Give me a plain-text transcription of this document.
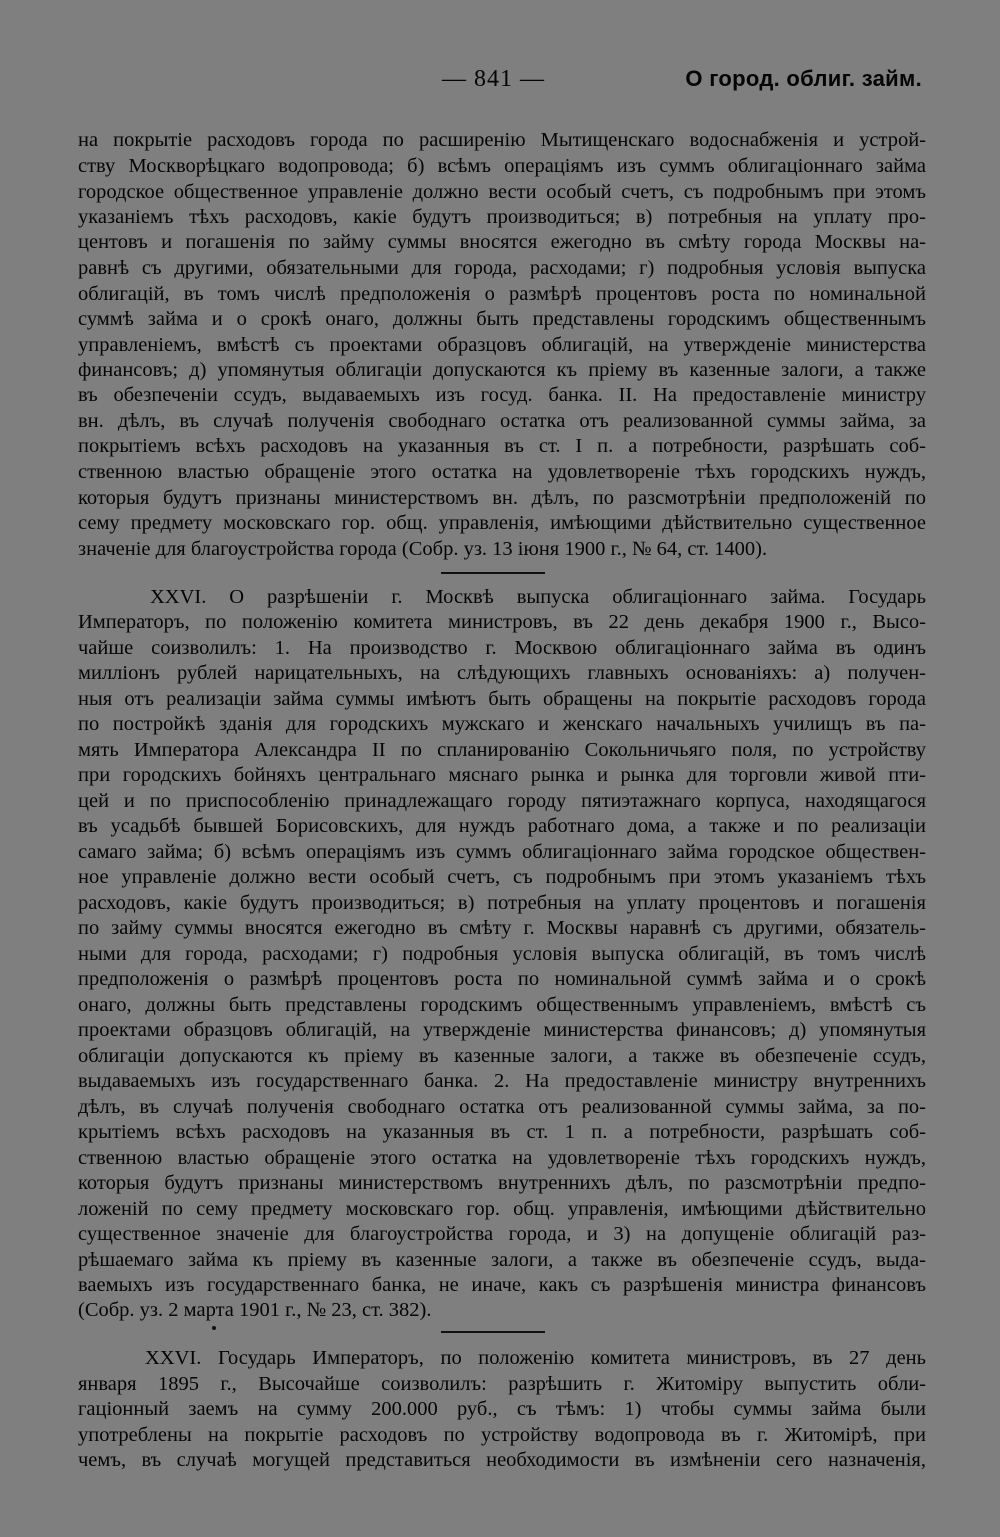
— 841 —	О город. облиг. займ.
на покрытіе расходовъ города по расширенію Мытищенскаго водоснабженія и устрой-
ству Москворѣцкаго водопровода; б) всѣмъ операціямъ изъ суммъ облигаціоннаго займа
городское общественное управленіе должно вести особый счетъ, съ подробнымъ при этомъ
указаніемъ тѣхъ расходовъ, какіе будутъ производиться; в) потребныя на уплату про-
центовъ и погашенія по займу суммы вносятся ежегодно въ смѣту города Москвы на-
равнѣ съ другими, обязательными для города, расходами; г) подробныя условія выпуска
облигацій, въ томъ числѣ предположенія о размѣрѣ процентовъ роста по номинальной
суммѣ займа и о срокѣ онаго, должны быть представлены городскимъ общественнымъ
управленіемъ, вмѣстѣ съ проектами образцовъ облигацій, на утвержденіе министерства
финансовъ; д) упомянутыя облигаціи допускаются къ пріему въ казенные залоги, а также
въ обезпеченіи ссудъ, выдаваемыхъ изъ госуд. банка. II. На предоставленіе министру
вн. дѣлъ, въ случаѣ полученія свободнаго остатка отъ реализованной суммы займа, за
покрытіемъ всѣхъ расходовъ на указанныя въ ст. I п. а потребности, разрѣшать соб-
ственною властью обращеніе этого остатка на удовлетвореніе тѣхъ городскихъ нуждъ,
которыя будутъ признаны министерствомъ вн. дѣлъ, по разсмотрѣніи предположеній по
сему предмету московскаго гор. общ. управленія, имѣющими дѣйствительно существенное
значеніе для благоустройства города (Собр. уз. 13 іюня 1900 г., № 64, ст. 1400).
XXVI. О разрѣшеніи г. Москвѣ выпуска облигаціоннаго займа. Государь
Императоръ, по положенію комитета министровъ, въ 22 день декабря 1900 г., Высо-
чайше соизволилъ: 1. На производство г. Москвою облигаціоннаго займа въ одинъ
милліонъ рублей нарицательныхъ, на слѣдующихъ главныхъ основаніяхъ: а) получен-
ныя отъ реализаціи займа суммы имѣютъ быть обращены на покрытіе расходовъ города
по постройкѣ зданія для городскихъ мужскаго и женскаго начальныхъ училищъ въ па-
мять Императора Александра II по спланированію Сокольничьяго поля, по устройству
при городскихъ бойняхъ центральнаго мяснаго рынка и рынка для торговли живой пти-
цей и по приспособленію принадлежащаго городу пятиэтажнаго корпуса, находящагося
въ усадьбѣ бывшей Борисовскихъ, для нуждъ работнаго дома, а также и по реализаціи
самаго займа; б) всѣмъ операціямъ изъ суммъ облигаціоннаго займа городское обществен-
ное управленіе должно вести особый счетъ, съ подробнымъ при этомъ указаніемъ тѣхъ
расходовъ, какіе будутъ производиться; в) потребныя на уплату процентовъ и погашенія
по займу суммы вносятся ежегодно въ смѣту г. Москвы наравнѣ съ другими, обязатель-
ными для города, расходами; г) подробныя условія выпуска облигацій, въ томъ числѣ
предположенія о размѣрѣ процентовъ роста по номинальной суммѣ займа и о срокѣ
онаго, должны быть представлены городскимъ общественнымъ управленіемъ, вмѣстѣ съ
проектами образцовъ облигацій, на утвержденіе министерства финансовъ; д) упомянутыя
облигаціи допускаются къ пріему въ казенные залоги, а также въ обезпеченіе ссудъ,
выдаваемыхъ изъ государственнаго банка. 2. На предоставленіе министру внутреннихъ
дѣлъ, въ случаѣ полученія свободнаго остатка отъ реализованной суммы займа, за по-
крытіемъ всѣхъ расходовъ на указанныя въ ст. 1 п. а потребности, разрѣшать соб-
ственною властью обращеніе этого остатка на удовлетвореніе тѣхъ городскихъ нуждъ,
которыя будутъ признаны министерствомъ внутреннихъ дѣлъ, по разсмотрѣніи предпо-
ложеній по сему предмету московскаго гор. общ. управленія, имѣющими дѣйствительно
существенное значеніе для благоустройства города, и 3) на допущеніе облигацій раз-
рѣшаемаго займа къ пріему въ казенные залоги, а также въ обезпеченіе ссудъ, выда-
ваемыхъ изъ государственнаго банка, не иначе, какъ съ разрѣшенія министра финансовъ
(Собр. уз. 2 марта 1901 г., № 23, ст. 382).
XXVI. Государь Императоръ, по положенію комитета министровъ, въ 27 день
января 1895 г., Высочайше соизволилъ: разрѣшить г. Житоміру выпустить обли-
гаціонный заемъ на сумму 200.000 руб., съ тѣмъ: 1) чтобы суммы займа были
употреблены на покрытіе расходовъ по устройству водопровода въ г. Житомірѣ, при
чемъ, въ случаѣ могущей представиться необходимости въ измѣненіи сего назначенія,
